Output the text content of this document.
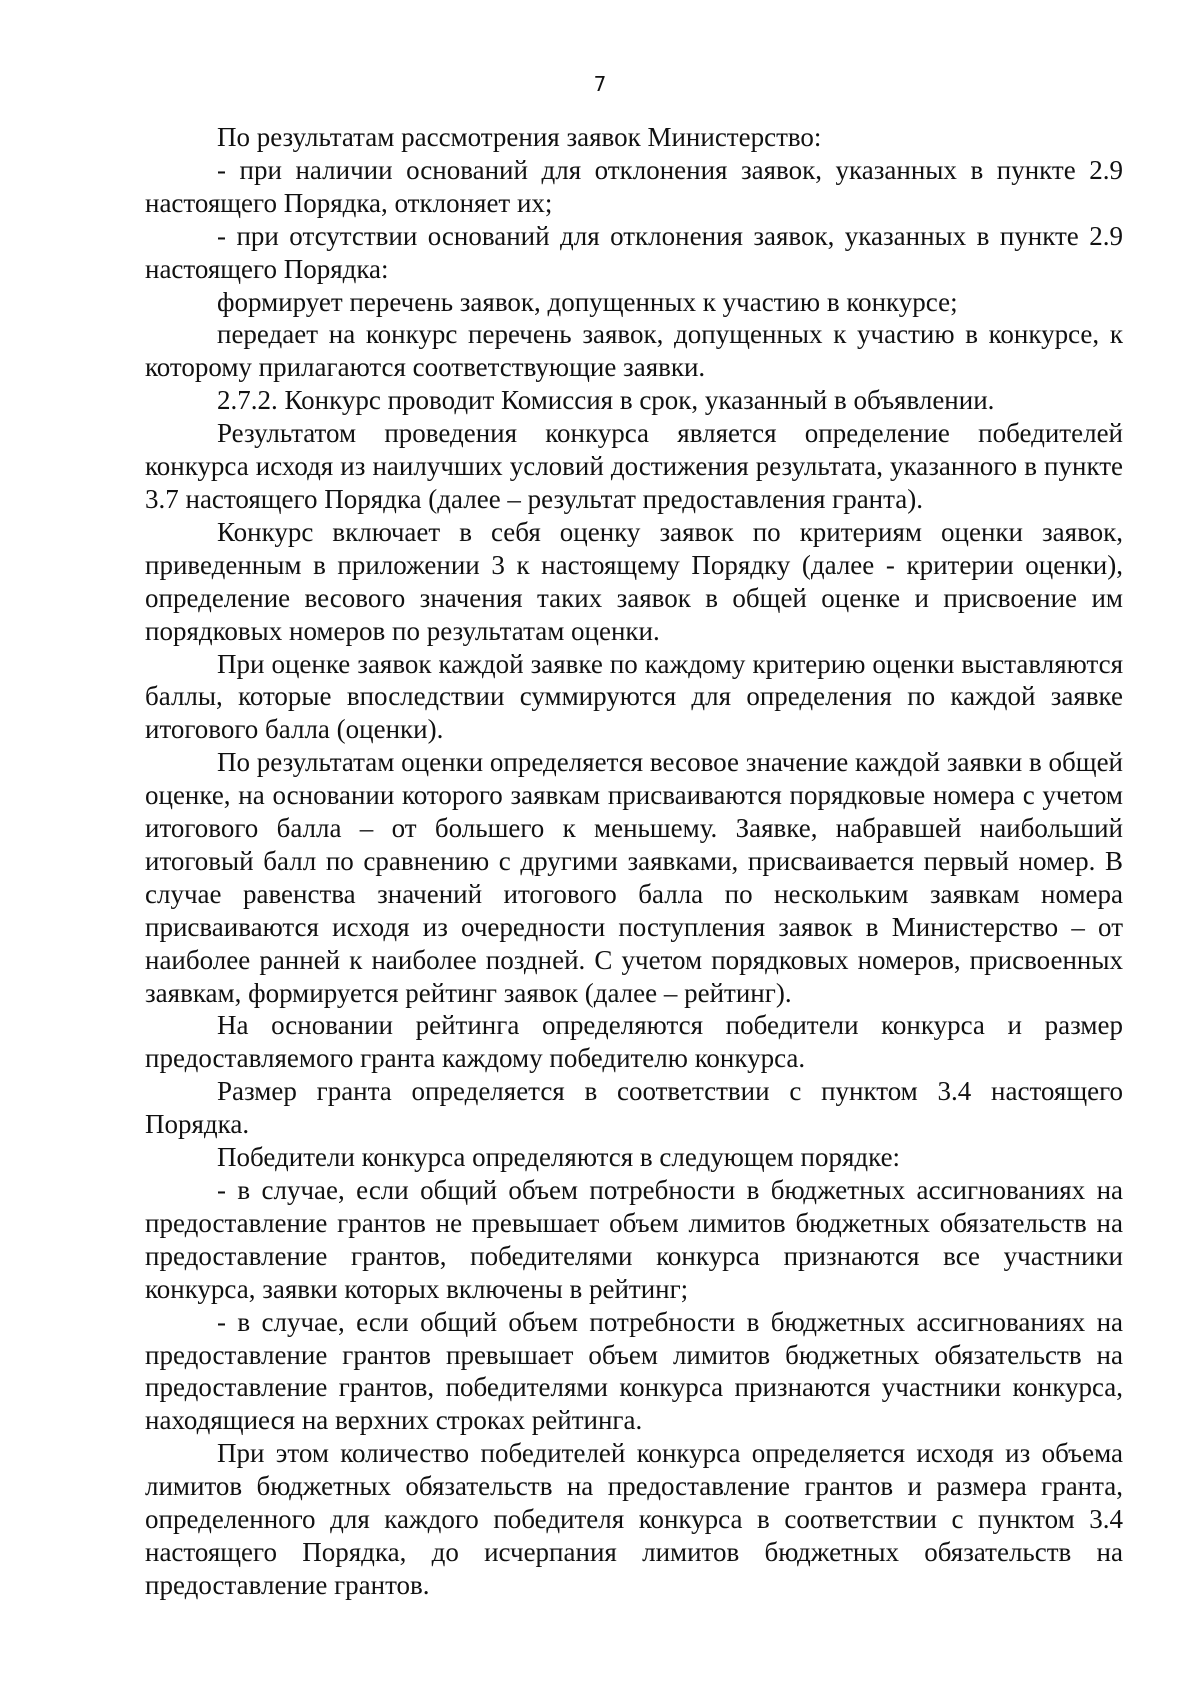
7

По результатам рассмотрения заявок Министерство:

- при наличии оснований для отклонения заявок, указанных в пункте 2.9 настоящего Порядка, отклоняет их;

- при отсутствии оснований для отклонения заявок, указанных в пункте 2.9 настоящего Порядка:

формирует перечень заявок, допущенных к участию в конкурсе;

передает на конкурс перечень заявок, допущенных к участию в конкурсе, к которому прилагаются соответствующие заявки.

2.7.2. Конкурс проводит Комиссия в срок, указанный в объявлении.

Результатом проведения конкурса является определение победителей конкурса исходя из наилучших условий достижения результата, указанного в пункте 3.7 настоящего Порядка (далее – результат предоставления гранта).

Конкурс включает в себя оценку заявок по критериям оценки заявок, приведенным в приложении 3 к настоящему Порядку (далее - критерии оценки), определение весового значения таких заявок в общей оценке и присвоение им порядковых номеров по результатам оценки.

При оценке заявок каждой заявке по каждому критерию оценки выставляются баллы, которые впоследствии суммируются для определения по каждой заявке итогового балла (оценки).

По результатам оценки определяется весовое значение каждой заявки в общей оценке, на основании которого заявкам присваиваются порядковые номера с учетом итогового балла – от большего к меньшему. Заявке, набравшей наибольший итоговый балл по сравнению с другими заявками, присваивается первый номер. В случае равенства значений итогового балла по нескольким заявкам номера присваиваются исходя из очередности поступления заявок в Министерство – от наиболее ранней к наиболее поздней. С учетом порядковых номеров, присвоенных заявкам, формируется рейтинг заявок (далее – рейтинг).

На основании рейтинга определяются победители конкурса и размер предоставляемого гранта каждому победителю конкурса.

Размер гранта определяется в соответствии с пунктом 3.4 настоящего Порядка.

Победители конкурса определяются в следующем порядке:

- в случае, если общий объем потребности в бюджетных ассигнованиях на предоставление грантов не превышает объем лимитов бюджетных обязательств на предоставление грантов, победителями конкурса признаются все участники конкурса, заявки которых включены в рейтинг;

- в случае, если общий объем потребности в бюджетных ассигнованиях на предоставление грантов превышает объем лимитов бюджетных обязательств на предоставление грантов, победителями конкурса признаются участники конкурса, находящиеся на верхних строках рейтинга.

При этом количество победителей конкурса определяется исходя из объема лимитов бюджетных обязательств на предоставление грантов и размера гранта, определенного для каждого победителя конкурса в соответствии с пунктом 3.4 настоящего Порядка, до исчерпания лимитов бюджетных обязательств на предоставление грантов.
